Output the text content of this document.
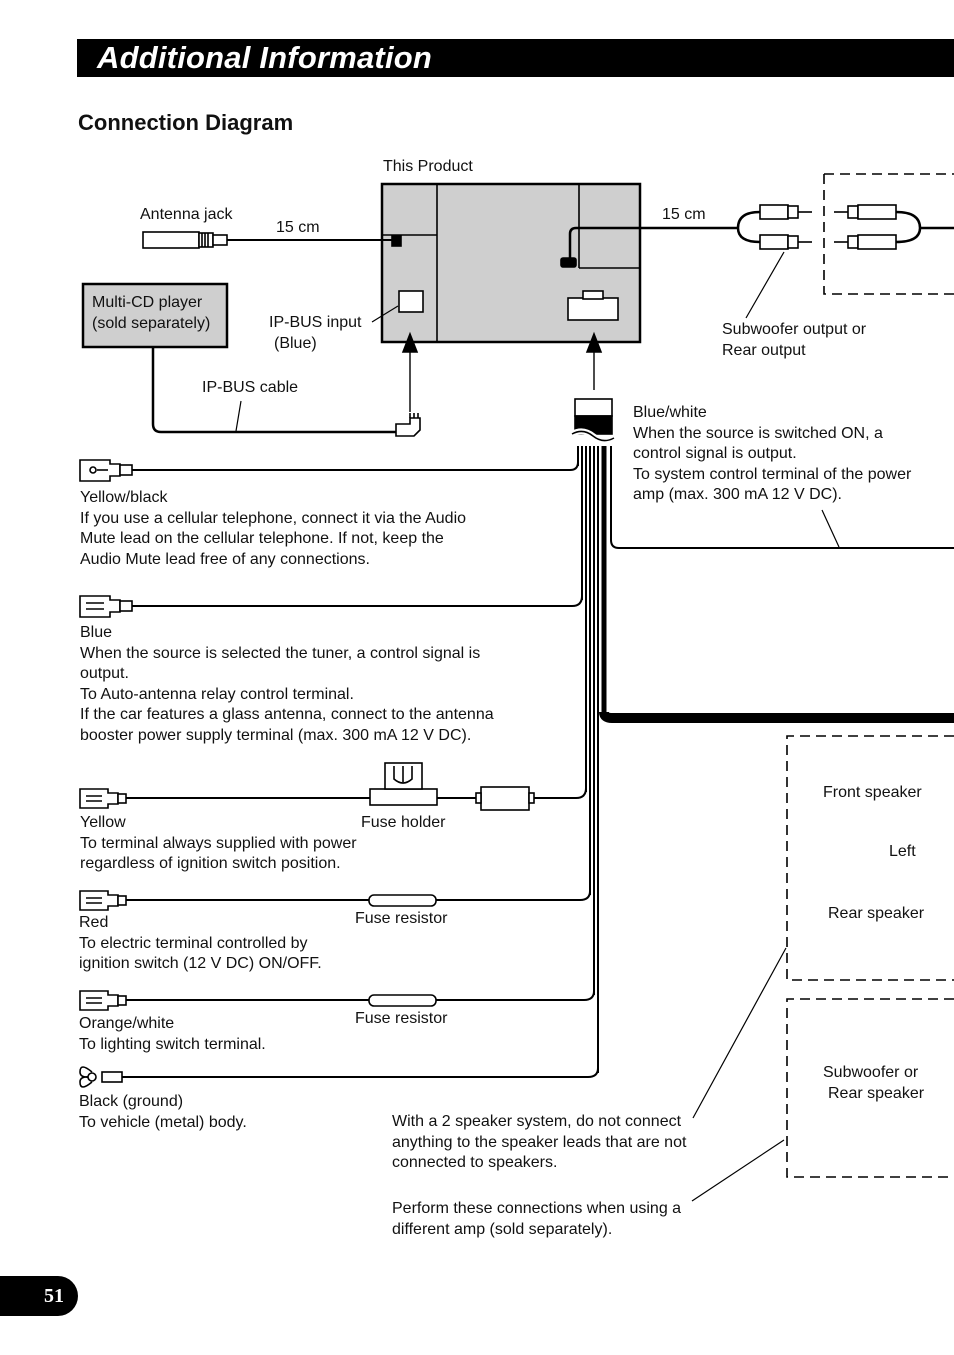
Additional Information
Connection Diagram
This Product
Antenna jack
15 cm
15 cm
Subwoofer output or
Rear output
Multi-CD player
(sold separately)	IP-BUS input
(Blue)
IP-BUS cable
Blue/white
When the source is switched ON, a
control signal is output.
To system control terminal of the power
amp (max. 300 mA 12 V DC).
Yellow/black
If you use a cellular telephone, connect it via the Audio
Mute lead on the cellular telephone. If not, keep the
Audio Mute lead free of any connections.
Blue
When the source is selected the tuner, a control signal is
output.
To Auto-antenna relay control terminal.
If the car features a glass antenna, connect to the antenna
booster power supply terminal (max. 300 mA 12 V DC).
Yellow
To terminal always supplied with power
regardless of ignition switch position.
Fuse holder
Red
To electric terminal controlled by
ignition switch (12 V DC) ON/OFF.
Fuse resistor
Orange/white
To lighting switch terminal.
Fuse resistor
Black (ground)
To vehicle (metal) body.
Front speaker
Left
Rear speaker
Subwoofer or
Rear speaker
With a 2 speaker system, do not connect
anything to the speaker leads that are not
connected to speakers.
Perform these connections when using a
different amp (sold separately).
51
